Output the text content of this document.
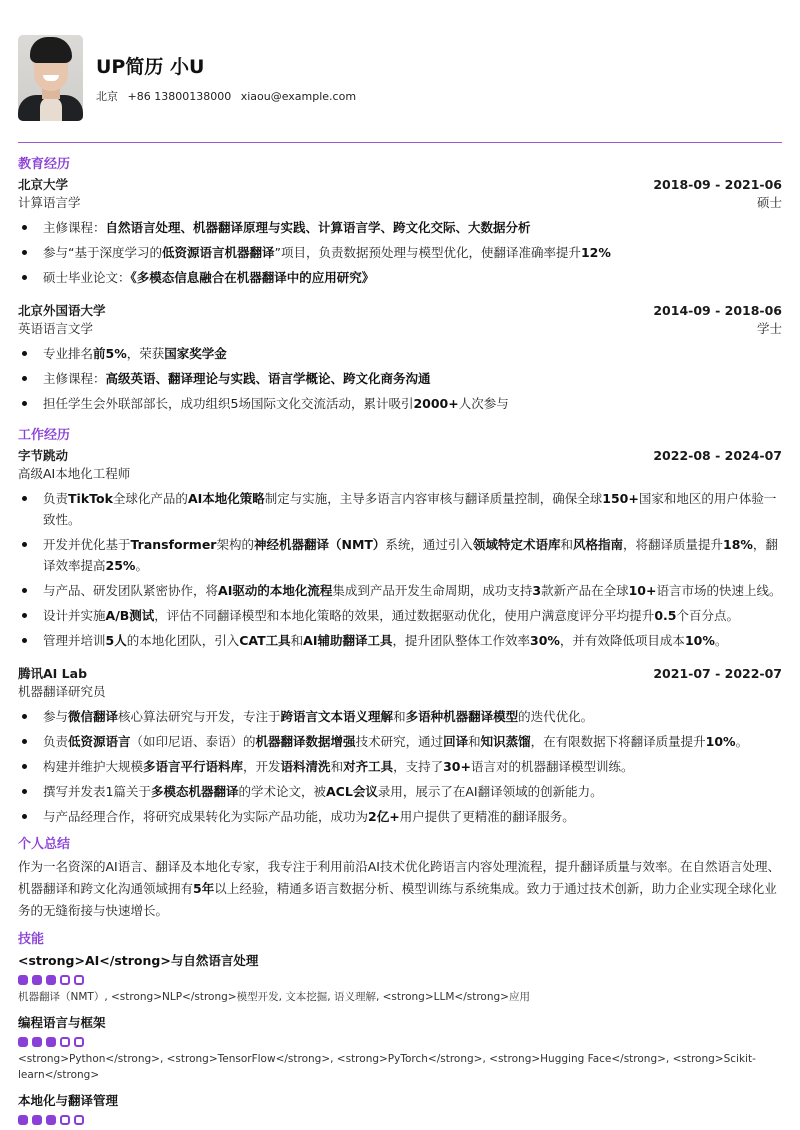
UP简历 小U
北京 +86 13800138000 xiaou@example.com
教育经历
北京大学	2018-09 - 2021-06
计算语言学	硕士
主修课程：自然语言处理、机器翻译原理与实践、计算语言学、跨文化交际、大数据分析
参与“基于深度学习的低资源语言机器翻译”项目，负责数据预处理与模型优化，使翻译准确率提升12%
硕士毕业论文：《多模态信息融合在机器翻译中的应用研究》
北京外国语大学	2014-09 - 2018-06
英语语言文学	学士
专业排名前5%，荣获国家奖学金
主修课程：高级英语、翻译理论与实践、语言学概论、跨文化商务沟通
担任学生会外联部部长，成功组织5场国际文化交流活动，累计吸引2000+人次参与
工作经历
字节跳动	2022-08 - 2024-07
高级AI本地化工程师
负责TikTok全球化产品的AI本地化策略制定与实施，主导多语言内容审核与翻译质量控制，确保全球150+国家和地区的用户体验一致性。
开发并优化基于Transformer架构的神经机器翻译（NMT）系统，通过引入领域特定术语库和风格指南，将翻译质量提升18%，翻译效率提高25%。
与产品、研发团队紧密协作，将AI驱动的本地化流程集成到产品开发生命周期，成功支持3款新产品在全球10+语言市场的快速上线。
设计并实施A/B测试，评估不同翻译模型和本地化策略的效果，通过数据驱动优化，使用户满意度评分平均提升0.5个百分点。
管理并培训5人的本地化团队，引入CAT工具和AI辅助翻译工具，提升团队整体工作效率30%，并有效降低项目成本10%。
腾讯AI Lab	2021-07 - 2022-07
机器翻译研究员
参与微信翻译核心算法研究与开发，专注于跨语言文本语义理解和多语种机器翻译模型的迭代优化。
负责低资源语言（如印尼语、泰语）的机器翻译数据增强技术研究，通过回译和知识蒸馏，在有限数据下将翻译质量提升10%。
构建并维护大规模多语言平行语料库，开发语料清洗和对齐工具，支持了30+语言对的机器翻译模型训练。
撰写并发表1篇关于多模态机器翻译的学术论文，被ACL会议录用，展示了在AI翻译领域的创新能力。
与产品经理合作，将研究成果转化为实际产品功能，成功为2亿+用户提供了更精准的翻译服务。
个人总结
作为一名资深的AI语言、翻译及本地化专家，我专注于利用前沿AI技术优化跨语言内容处理流程，提升翻译质量与效率。在自然语言处理、机器翻译和跨文化沟通领域拥有5年以上经验，精通多语言数据分析、模型训练与系统集成。致力于通过技术创新，助力企业实现全球化业务的无缝衔接与快速增长。
技能
<strong>AI</strong>与自然语言处理
机器翻译（NMT）, <strong>NLP</strong>模型开发, 文本挖掘, 语义理解, <strong>LLM</strong>应用
编程语言与框架
<strong>Python</strong>, <strong>TensorFlow</strong>, <strong>PyTorch</strong>, <strong>Hugging Face</strong>, <strong>Scikit-learn</strong>
本地化与翻译管理
